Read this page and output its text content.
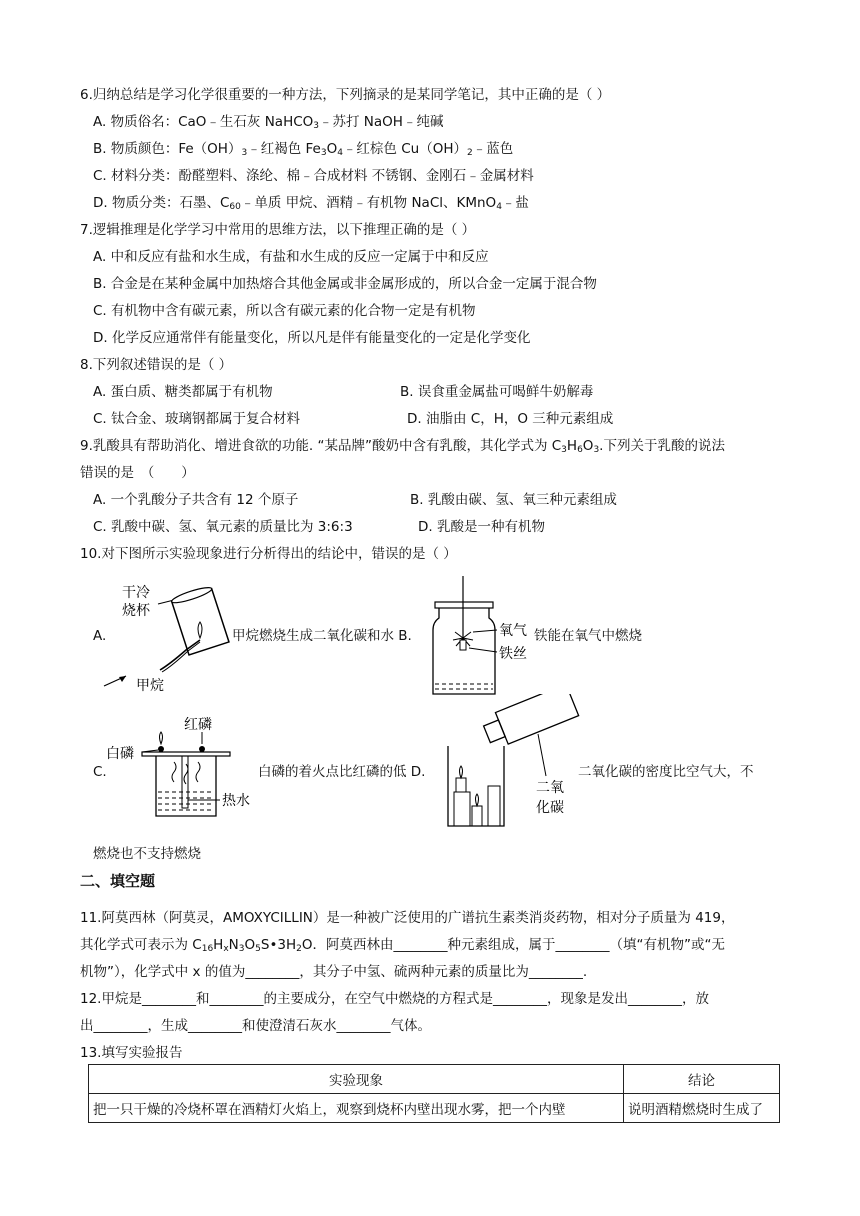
6.归纳总结是学习化学很重要的一种方法，下列摘录的是某同学笔记，其中正确的是（ ）
A. 物质俗名：CaO﹣生石灰 NaHCO$_3$﹣苏打 NaOH﹣纯碱
B. 物质颜色：$Fe(OH)_3﹣$红褐色 $Fe_3O_4﹣$红棕色 $Cu(OH)_2﹣$蓝色
C. 材料分类：酚醛塑料、涤纶、棉﹣合成材料 不锈钢、金刚石﹣金属材料
D. 物质分类：石墨、$C_{60}﹣$单质 甲烷、酒精﹣有机物 NaCl、KMnO$_4$﹣盐
7.逻辑推理是化学学习中常用的思维方法，以下推理正确的是（ ）
A. 中和反应有盐和水生成，有盐和水生成的反应一定属于中和反应
B. 合金是在某种金属中加热熔合其他金属或非金属形成的，所以合金一定属于混合物
C. 有机物中含有碳元素，所以含有碳元素的化合物一定是有机物
D. 化学反应通常伴有能量变化，所以凡是伴有能量变化的一定是化学变化
8.下列叙述错误的是（ ）
A. 蛋白质、糖类都属于有机物	B. 误食重金属盐可喝鲜牛奶解毒
C. 钛合金、玻璃钢都属于复合材料	D. 油脂由 C，H，O 三种元素组成
9.乳酸具有帮助消化、增进食欲的功能. “某品牌”酸奶中含有乳酸，其化学式为 $C_3H_6O_3$.下列关于乳酸的说法
错误的是　（　　）
A. 一个乳酸分子共含有 12 个原子	B. 乳酸由碳、氢、氧三种元素组成
C. 乳酸中碳、氢、氧元素的质量比为 3:6:3	D. 乳酸是一种有机物
10.对下图所示实验现象进行分析得出的结论中，错误的是（ ）
A.
干冷
烧杯
甲烷
甲烷燃烧生成二氧化碳和水 B.	氧气
铁丝
铁能在氧气中燃烧
C.
红磷
白磷
热水
白磷的着火点比红磷的低 D.
二氧
化碳
二氧化碳的密度比空气大，不
燃烧也不支持燃烧
二、填空题
11.阿莫西林（阿莫灵，AMOXYCILLIN）是一种被广泛使用的广谱抗生素类消炎药物，相对分子质量为 419，
其化学式可表示为 $C_{16}H_xN_3O_5S•3H_2O$．阿莫西林由________种元素组成，属于________（填“有机物”或“无
机物”），化学式中 x 的值为________，其分子中氢、硫两种元素的质量比为________.
12.甲烷是________和________的主要成分，在空气中燃烧的方程式是________，现象是发出________，放
出________，生成________和使澄清石灰水________气体。
13.填写实验报告
实验现象	结论
把一只干燥的冷烧杯罩在酒精灯火焰上，观察到烧杯内壁出现水雾，把一个内壁	说明酒精燃烧时生成了
